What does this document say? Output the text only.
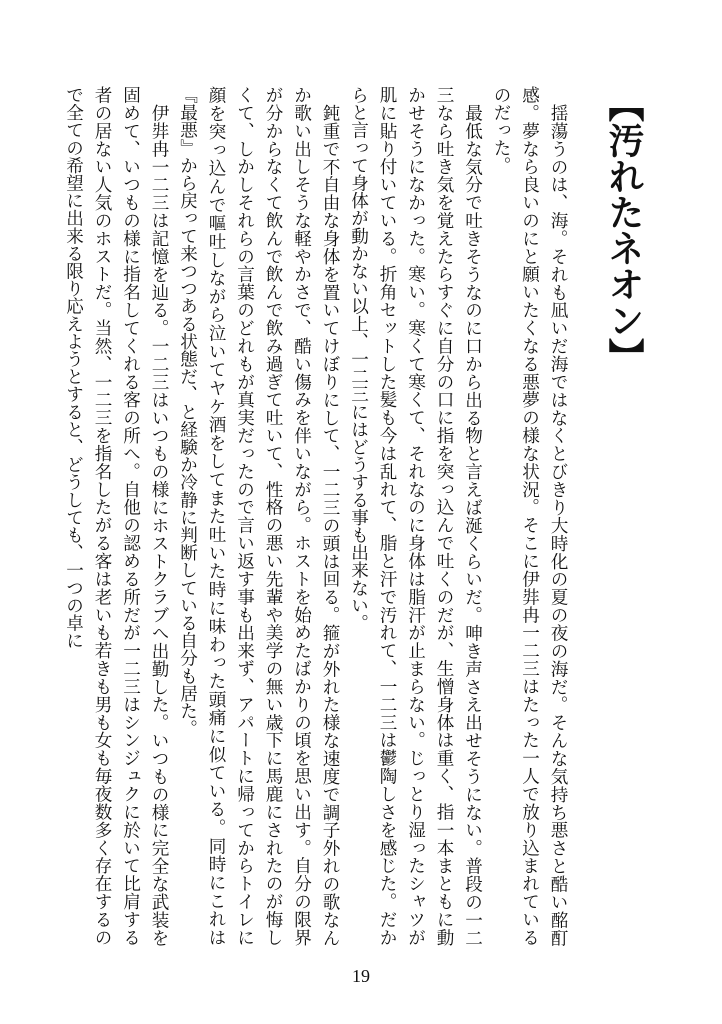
【汚れたネオン】

揺蕩うのは、海。それも凪いだ海ではなくとびきり大時化の夏の夜の海だ。そんな気持ち悪さと酷い酩酊感。夢なら良いのにと願いたくなる悪夢の様な状況。そこに伊弉冉一二三はたった一人で放り込まれているのだった。

最低な気分で吐きそうなのに口から出る物と言えば涎くらいだ。呻き声さえ出せそうにない。普段の一二三なら吐き気を覚えたらすぐに自分の口に指を突っ込んで吐くのだが、生憎身体は重く、指一本まともに動かせそうになかった。寒い。寒くて寒くて、それなのに身体は脂汗が止まらない。じっとり湿ったシャツが肌に貼り付いている。折角セットした髪も今は乱れて、脂と汗で汚れて、一二三は鬱陶しさを感じた。だからと言って身体が動かない以上、一二三にはどうする事も出来ない。

鈍重で不自由な身体を置いてけぼりにして、一二三の頭は回る。箍が外れた様な速度で調子外れの歌なんか歌い出しそうな軽やかさで、酷い傷みを伴いながら。ホストを始めたばかりの頃を思い出す。自分の限界が分からなくて飲んで飲んで飲み過ぎて吐いて、性格の悪い先輩や美学の無い歳下に馬鹿にされたのが悔しくて、しかしそれらの言葉のどれもが真実だったので言い返す事も出来ず、アパートに帰ってからトイレに顔を突っ込んで嘔吐しながら泣いてヤケ酒をしてまた吐いた時に味わった頭痛に似ている。同時にこれは『最悪』から戻って来つつある状態だ、と経験か冷静に判断している自分も居た。

伊弉冉一二三は記憶を辿る。一二三はいつもの様にホストクラブへ出勤した。いつもの様に完全な武装を固めて、いつもの様に指名してくれる客の所へ。自他の認める所だが一二三はシンジュクに於いて比肩する者の居ない人気のホストだ。当然、一二三を指名したがる客は老いも若きも男も女も毎夜数多く存在するので全ての希望に出来る限り応えようとすると、どうしても、一つの卓に

19
